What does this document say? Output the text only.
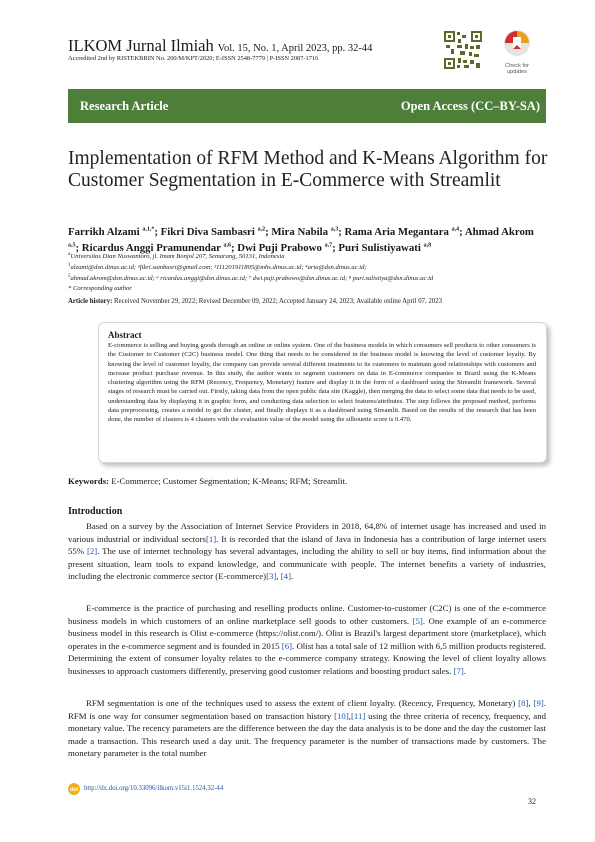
ILKOM Jurnal Ilmiah Vol. 15, No. 1, April 2023, pp. 32-44
Accredited 2nd by RISTEKBRIN No. 200/M/KPT/2020; E-ISSN 2548-7779 | P-ISSN 2087-1716
Check for
updates
Research Article	Open Access (CC–BY-SA)
Implementation of RFM Method and K-Means Algorithm for Customer Segmentation in E-Commerce with Streamlit
Farrikh Alzami $^{a,1,*}$; Fikri Diva Sambasri $^{a,2}$; Mira Nabila $^{a,3}$; Rama Aria Megantara $^{a,4}$; Ahmad Akrom $^{a,5}$; Ricardus Anggi Pramunendar $^{a,6}$; Dwi Puji Prabowo $^{a,7}$; Puri Sulistiyawati $^{a,8}$
$^a$Universitas Dian Nuswantoro, jl. Imam Bonjol 207, Semarang, 50131, Indonesia
$^1$alzami@dsn.dinus.ac.id; ²fikri.sambasri@gmail.com; ³111201911805@mhs.dinus.ac.id; ⁴aria@dsn.dinus.ac.id;
$^5$ahmad.akrom@dsn.dinus.ac.id; ⁶ ricardus.anggi@dsn.dinus.ac.id; ⁷ dwi.puji.prabowo@dsn.dinus.ac.id; ⁸ puri.sulistiya@dsn.dinus.ac.id
* Corresponding author
Article history: Received November 29, 2022; Revised December 09, 2022; Accepted January 24, 2023; Available online April 07, 2023
Abstract
E-commerce is selling and buying goods through an online or online system. One of the business models in which consumers sell products to other consumers is the Customer to Customer (C2C) business model. One thing that needs to be considered in the business model is knowing the level of customer loyalty. By knowing the level of customer loyalty, the company can provide several different treatments to its customers to maintain good relationships with customers and increase product purchase revenue. In this study, the author wants to segment customers on data in E-commerce companies in Brazil using the K-Means clustering algorithm using the RFM (Recency, Frequency, Monetary) feature and display it in the form of a dashboard using the Streamlit framework. Several stages of research must be carried out. Firstly, taking data from the open public data site (Kaggle), then merging the data to select some data that needs to be used, understanding data by displaying it in graphic form, and conducting data selection to select features/attributes. The step follows the proposed method, performs data preprocessing, creates a model to get the cluster, and finally displays it as a dashboard using Streamlit. Based on the results of the research that has been done, the number of clusters is 4 clusters with the evaluation value of the model using the silhouette score is 0.470.
Keywords: E-Commerce; Customer Segmentation; K-Means; RFM; Streamlit.
Introduction
Based on a survey by the Association of Internet Service Providers in 2018, 64,8% of internet usage has increased and used in various industrial or individual sectors[1]. It is recorded that the island of Java in Indonesia has a contribution of large internet users 55% [2]. The use of internet technology has several advantages, including the ability to sell or buy items, find information about the present situation, learn tools to expand knowledge, and communicate with people. The internet benefits a variety of industries, including the electronic commerce sector (E-commerce)[3], [4].
E-commerce is the practice of purchasing and reselling products online. Customer-to-customer (C2C) is one of the e-commerce business models in which customers of an online marketplace sell goods to other customers. [5]. One example of an e-commerce business model in this research is Olist e-commerce (https://olist.com/). Olist is Brazil's largest department store (marketplace), which operates in the e-commerce segment and is founded in 2015 [6]. Olist has a total sale of 12 million with 6,5 million products registered. Determining the extent of consumer loyalty relates to the e-commerce company strategy. Knowing the level of client loyalty allows businesses to approach customers differently, preserving good customer relations and boosting product sales. [7].
RFM segmentation is one of the techniques used to assess the extent of client loyalty. (Recency, Frequency, Monetary) [8], [9]. RFM is one way for consumer segmentation based on transaction history [10],[11] using the three criteria of recency, frequency, and monetary value. The recency parameters are the difference between the day the data analysis is to be done and the day the customer last made a transaction. This research used a day unit. The frequency parameter is the number of transactions made by customers. The monetary parameter is the total number
doi http://dx.doi.org/10.33096/ilkom.v15i1.1524.32-44
32
